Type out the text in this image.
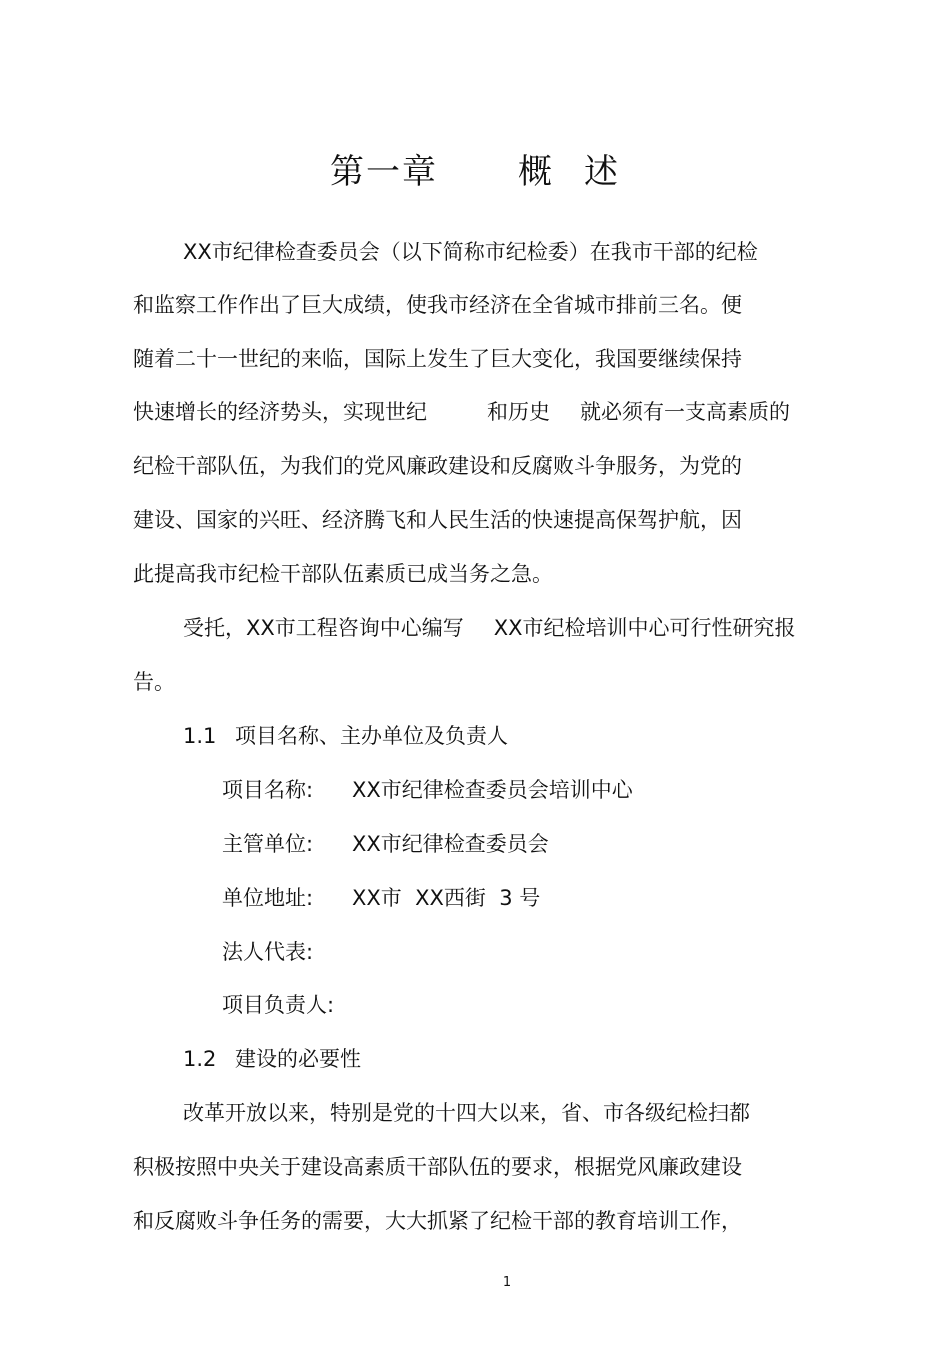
第一章 概 述
XX市纪律检查委员会（以下简称市纪检委）在我市干部的纪检
和监察工作作出了巨大成绩，使我市经济在全省城市排前三名。便
随着二十一世纪的来临，国际上发生了巨大变化，我国要继续保持
快速增长的经济势头，实现世纪	和历史 就必须有一支高素质的
纪检干部队伍，为我们的党风廉政建设和反腐败斗争服务，为党的
建设、国家的兴旺、经济腾飞和人民生活的快速提高保驾护航，因
此提高我市纪检干部队伍素质已成当务之急。
受托，XX市工程咨询中心编写 XX市纪检培训中心可行性研究报
告。
1.1 项目名称、主办单位及负责人
项目名称: XX市纪律检查委员会培训中心
主管单位: XX市纪律检查委员会
单位地址: XX市  XX西街  3 号
法人代表:
项目负责人:
1.2 建设的必要性
改革开放以来，特别是党的十四大以来，省、市各级纪检扫都
积极按照中央关于建设高素质干部队伍的要求，根据党风廉政建设
和反腐败斗争任务的需要，大大抓紧了纪检干部的教育培训工作，
1
